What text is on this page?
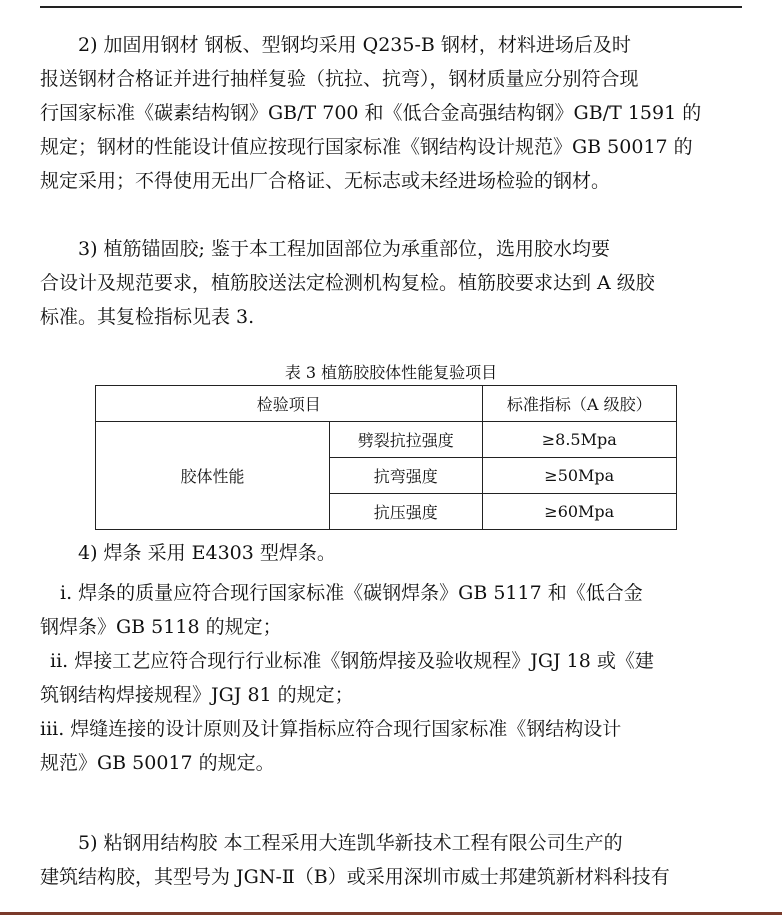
2) 加固用钢材 钢板、型钢均采用 Q235-B 钢材，材料进场后及时

报送钢材合格证并进行抽样复验（抗拉、抗弯），钢材质量应分别符合现

行国家标准《碳素结构钢》GB/T 700 和《低合金高强结构钢》GB/T 1591 的

规定；钢材的性能设计值应按现行国家标准《钢结构设计规范》GB 50017 的

规定采用；不得使用无出厂合格证、无标志或未经进场检验的钢材。

3) 植筋锚固胶; 鉴于本工程加固部位为承重部位，选用胶水均要

合设计及规范要求，植筋胶送法定检测机构复检。植筋胶要求达到 A 级胶

标准。其复检指标见表 3.

表 3 植筋胶胶体性能复验项目
检验项目		标准指标（A 级胶）
胶体性能	劈裂抗拉强度	≥8.5Mpa
	抗弯强度	≥50Mpa
	抗压强度	≥60Mpa

4) 焊条 采用 E4303 型焊条。

i. 焊条的质量应符合现行国家标准《碳钢焊条》GB 5117 和《低合金

钢焊条》GB 5118 的规定；

ii. 焊接工艺应符合现行行业标准《钢筋焊接及验收规程》JGJ 18 或《建

筑钢结构焊接规程》JGJ 81 的规定；

iii. 焊缝连接的设计原则及计算指标应符合现行国家标准《钢结构设计

规范》GB 50017 的规定。

5) 粘钢用结构胶 本工程采用大连凯华新技术工程有限公司生产的

建筑结构胶，其型号为 JGN-Ⅱ（B）或采用深圳市威士邦建筑新材料科技有
